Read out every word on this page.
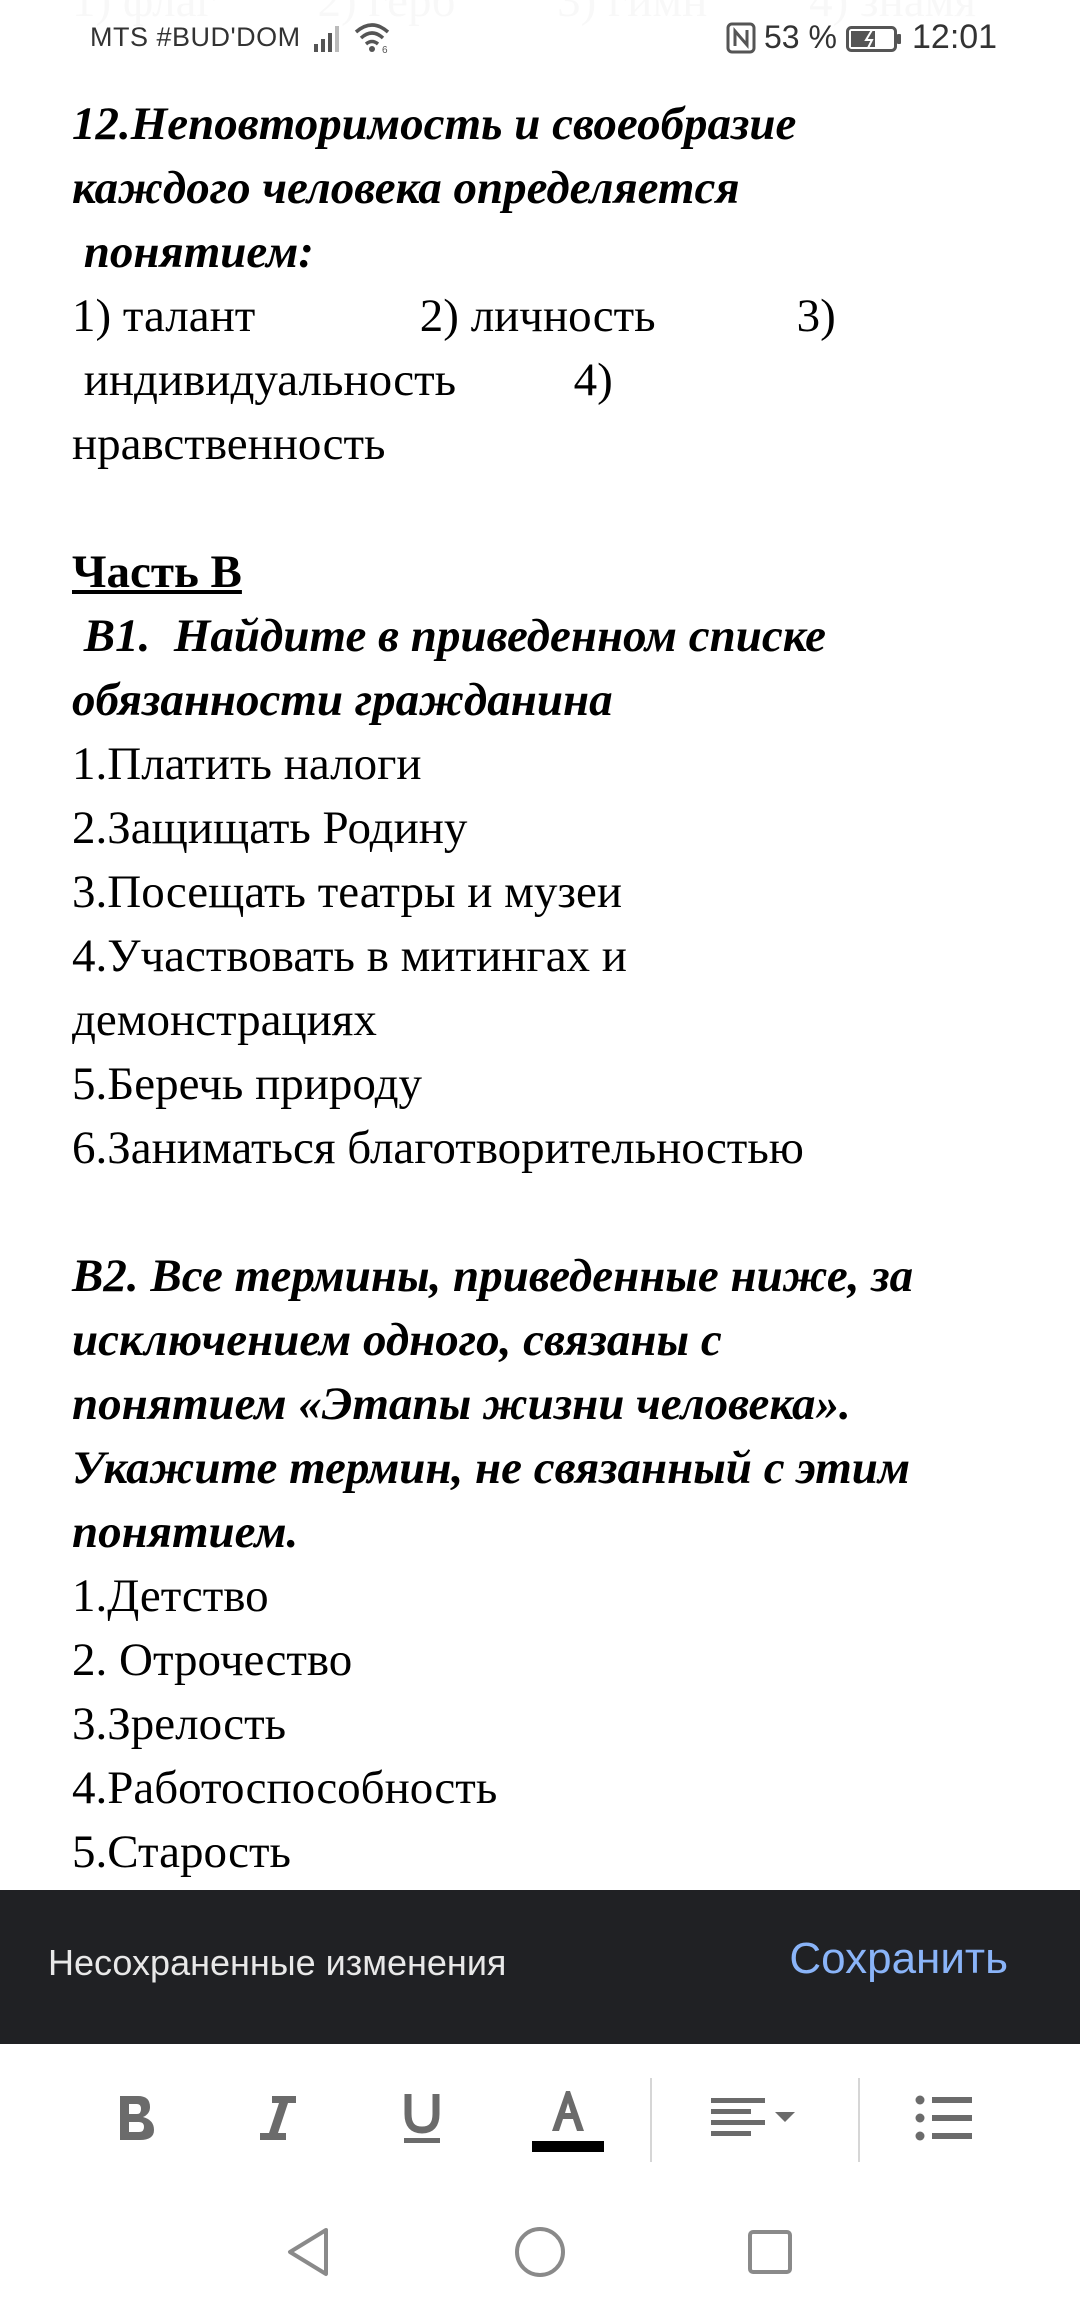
12.Неповторимость и своеобразие
каждого человека определяется
понятием:
1) талант              2) личность            3)
индивидуальность          4)
нравственность

Часть В
В1.  Найдите в приведенном списке
обязанности гражданина
1.Платить налоги
2.Защищать Родину
3.Посещать театры и музеи
4.Участвовать в митингах и
демонстрациях
5.Беречь природу
6.Заниматься благотворительностью

В2. Все термины, приведенные ниже, за
исключением одного, связаны с
понятием «Этапы жизни человека».
Укажите термин, не связанный с этим
понятием.
1.Детство
2. Отрочество
3.Зрелость
4.Работоспособность
5.Старость
MTS #BUD'DOM	6	53 % 12:01
Несохраненные изменения	Сохранить
